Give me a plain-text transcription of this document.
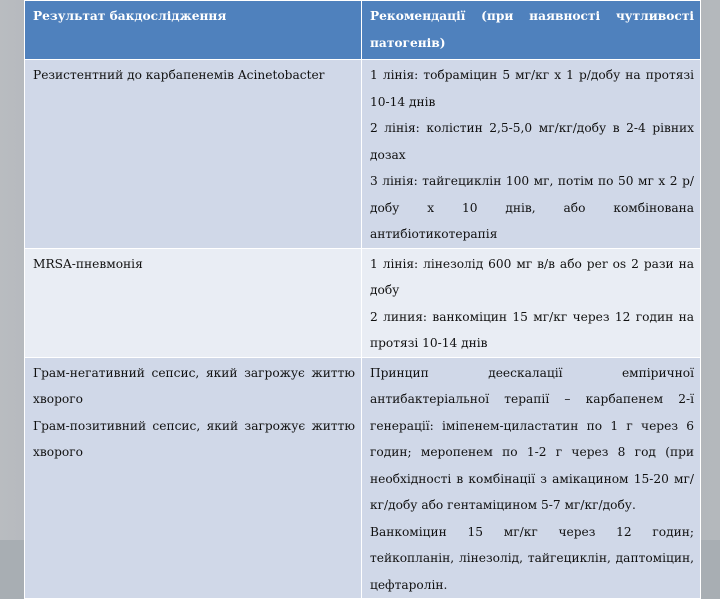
Результат бакдослідження	Рекомендації (при наявності чутливості патогенів)

Резистентний до карбапенемів Acinetobacter	1 лінія: тобраміцин 5 мг/кг х 1 р/добу на протязі 10-14 днів
2 лінія: колістин 2,5-5,0 мг/кг/добу в 2-4 рівних дозах
3 лінія: тайгециклін 100 мг, потім по 50 мг х 2 р/добу х 10 днів, або комбінована антибіотикотерапія

MRSA-пневмонія	1 лінія: лінезолід 600 мг в/в або per os 2 рази на добу
2 линия: ванкоміцин 15 мг/кг через 12 годин на протязі 10-14 днів

Грам-негативний сепсис, який загрожує життю хворого
Грам-позитивний сепсис, який загрожує життю хворого	Принцип деескалації емпіричної антибактеріальної терапії – карбапенем 2-ї генерації: іміпенем-циластатин по 1 г через 6 годин; меропенем по 1-2 г через 8 год (при необхідності в комбінації з амікацином 15-20 мг/кг/добу або гентаміцином 5-7 мг/кг/добу.
Ванкоміцин 15 мг/кг через 12 годин; тейкопланін, лінезолід, тайгециклін, даптоміцин, цефтаролін.
